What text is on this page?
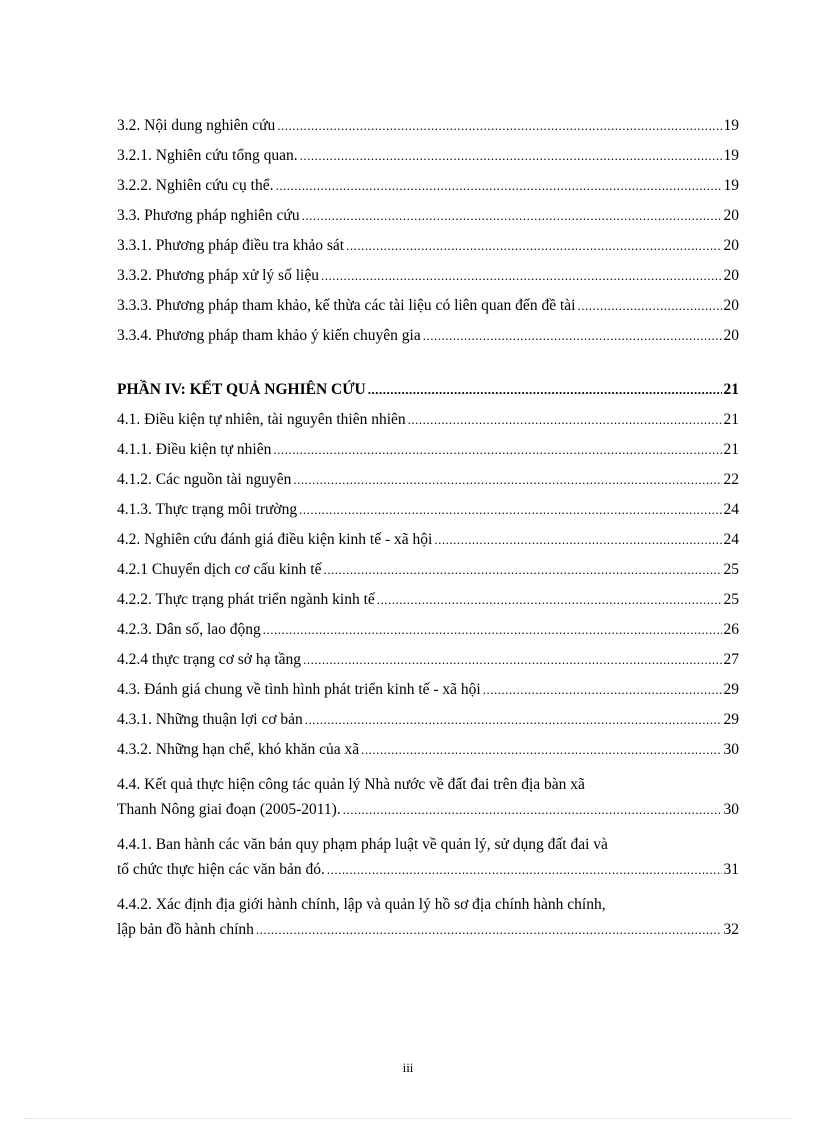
3.2. Nội dung nghiên cứu .....	19
3.2.1. Nghiên cứu tổng quan. .....	19
3.2.2. Nghiên cứu cụ thể. .....	19
3.3. Phương pháp nghiên cứu .....	20
3.3.1. Phương pháp điều tra khảo sát .....	20
3.3.2. Phương pháp xử lý số liệu .....	20
3.3.3. Phương pháp tham khảo, kế thừa các tài liệu có liên quan đến đề tài .....	20
3.3.4. Phương pháp tham khảo ý kiến chuyên gia .....	20
PHẦN IV: KẾT QUẢ NGHIÊN CỨU .....	21
4.1. Điều kiện tự nhiên, tài nguyên thiên nhiên .....	21
4.1.1. Điều kiện tự nhiên .....	21
4.1.2. Các nguồn tài nguyên .....	22
4.1.3. Thực trạng môi trường .....	24
4.2. Nghiên cứu đánh giá điều kiện kinh tế - xã hội .....	24
4.2.1 Chuyển dịch cơ cấu kinh tế .....	25
4.2.2. Thực trạng phát triển ngành kinh tế .....	25
4.2.3. Dân số, lao động .....	26
4.2.4 thực trạng cơ sở hạ tầng .....	27
4.3. Đánh giá chung về tình hình phát triển kinh tế - xã hội .....	29
4.3.1. Những thuận lợi cơ bản .....	29
4.3.2. Những hạn chế, khó khăn của xã .....	30
4.4. Kết quả thực hiện công tác quản lý Nhà nước về đất đai trên địa bàn xã
Thanh Nông giai đoạn (2005-2011). .....	30
4.4.1. Ban hành các văn bản quy phạm pháp luật về quản lý, sử dụng đất đai và
tổ chức thực hiện các văn bản đó. .....	31
4.4.2. Xác định địa giới hành chính, lập và quản lý hồ sơ địa chính hành chính,
lập bản đồ hành chính .....	32
iii
